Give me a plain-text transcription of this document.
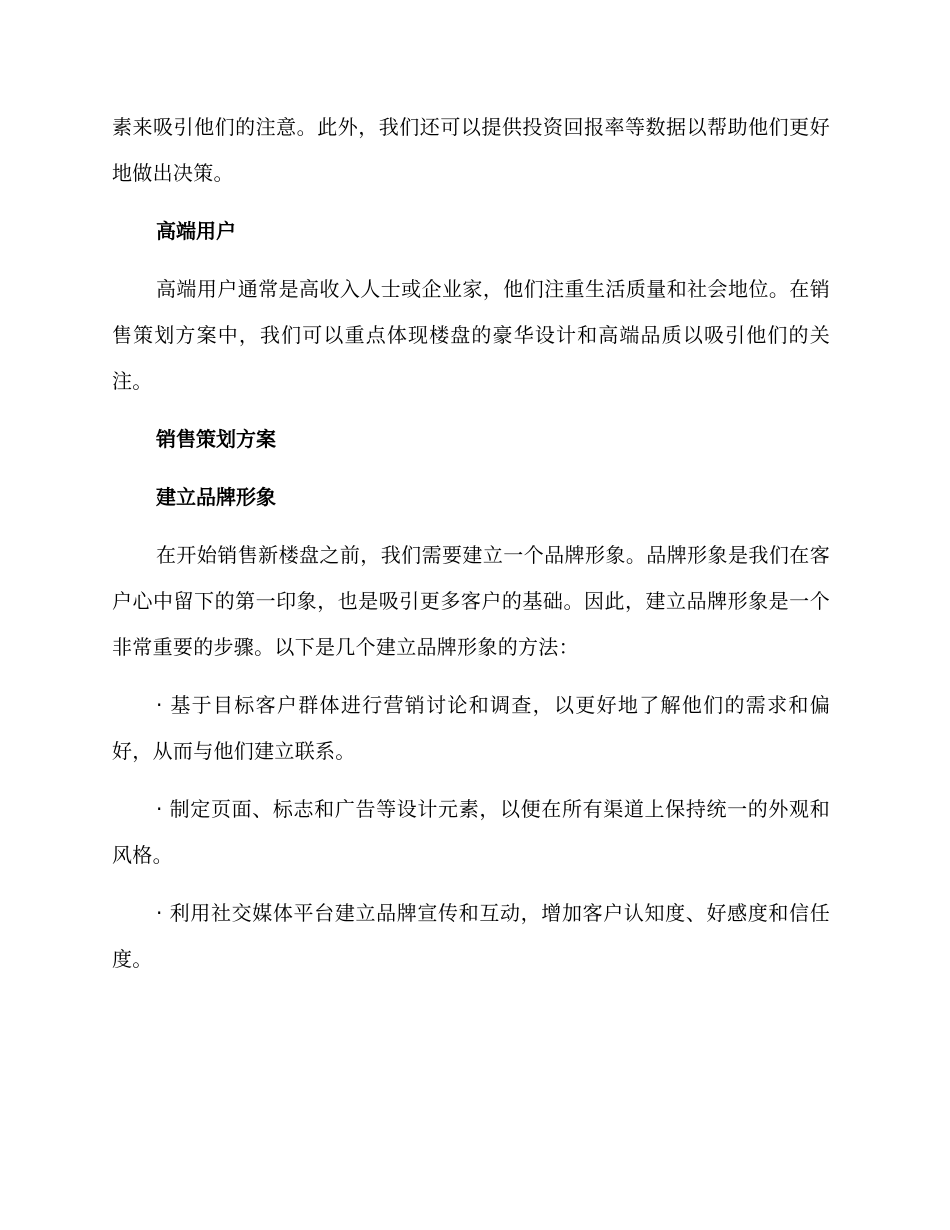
素来吸引他们的注意。此外，我们还可以提供投资回报率等数据以帮助他们更好地做出决策。

高端用户

高端用户通常是高收入人士或企业家，他们注重生活质量和社会地位。在销售策划方案中，我们可以重点体现楼盘的豪华设计和高端品质以吸引他们的关注。

销售策划方案

建立品牌形象

在开始销售新楼盘之前，我们需要建立一个品牌形象。品牌形象是我们在客户心中留下的第一印象，也是吸引更多客户的基础。因此，建立品牌形象是一个非常重要的步骤。以下是几个建立品牌形象的方法：

· 基于目标客户群体进行营销讨论和调查，以更好地了解他们的需求和偏好，从而与他们建立联系。

· 制定页面、标志和广告等设计元素，以便在所有渠道上保持统一的外观和风格。

· 利用社交媒体平台建立品牌宣传和互动，增加客户认知度、好感度和信任度。
